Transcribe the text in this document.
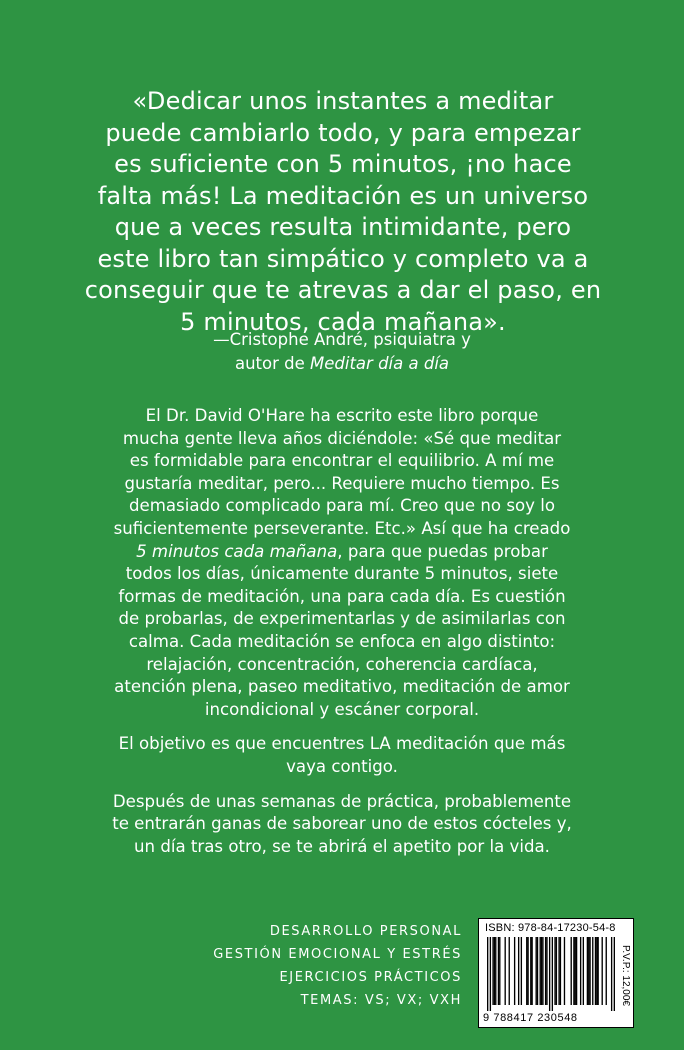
«Dedicar unos instantes a meditar
puede cambiarlo todo, y para empezar
es suficiente con 5 minutos, ¡no hace
falta más! La meditación es un universo
que a veces resulta intimidante, pero
este libro tan simpático y completo va a
conseguir que te atrevas a dar el paso, en
5 minutos, cada mañana».
—Cristophe André, psiquiatra y
autor de Meditar día a día

El Dr. David O'Hare ha escrito este libro porque
mucha gente lleva años diciéndole: «Sé que meditar
es formidable para encontrar el equilibrio. A mí me
gustaría meditar, pero... Requiere mucho tiempo. Es
demasiado complicado para mí. Creo que no soy lo
suficientemente perseverante. Etc.» Así que ha creado
5 minutos cada mañana, para que puedas probar
todos los días, únicamente durante 5 minutos, siete
formas de meditación, una para cada día. Es cuestión
de probarlas, de experimentarlas y de asimilarlas con
calma. Cada meditación se enfoca en algo distinto:
relajación, concentración, coherencia cardíaca,
atención plena, paseo meditativo, meditación de amor
incondicional y escáner corporal.

El objetivo es que encuentres LA meditación que más
vaya contigo.

Después de unas semanas de práctica, probablemente
te entrarán ganas de saborear uno de estos cócteles y,
un día tras otro, se te abrirá el apetito por la vida.

DESARROLLO PERSONAL
GESTIÓN EMOCIONAL Y ESTRÉS
EJERCICIOS PRÁCTICOS
TEMAS: VS; VX; VXH
ISBN: 978-84-17230-54-8
P.V.P.: 12,00€
9 788417 230548
